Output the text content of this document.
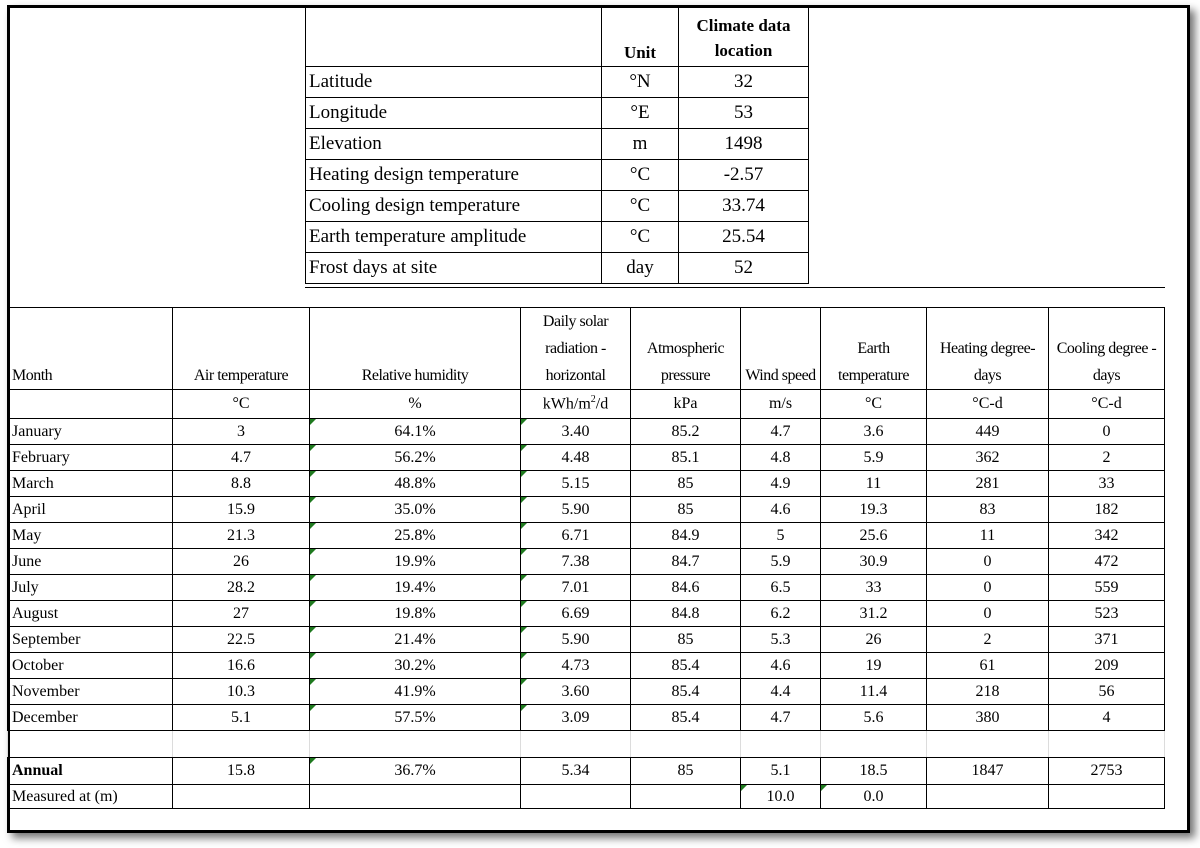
	Unit	Climate data location
Latitude	°N	32
Longitude	°E	53
Elevation	m	1498
Heating design temperature	°C	-2.57
Cooling design temperature	°C	33.74
Earth temperature amplitude	°C	25.54
Frost days at site	day	52
Month	Air temperature	Relative humidity	Daily solar radiation - horizontal	Atmospheric pressure	Wind speed	Earth temperature	Heating degree-days	Cooling degree - days
	°C	%	kWh/$m^2/d$	kPa	m/s	°C	°C-d	°C-d
January	3	64.1%	3.40	85.2	4.7	3.6	449	0
February	4.7	56.2%	4.48	85.1	4.8	5.9	362	2
March	8.8	48.8%	5.15	85	4.9	11	281	33
April	15.9	35.0%	5.90	85	4.6	19.3	83	182
May	21.3	25.8%	6.71	84.9	5	25.6	11	342
June	26	19.9%	7.38	84.7	5.9	30.9	0	472
July	28.2	19.4%	7.01	84.6	6.5	33	0	559
August	27	19.8%	6.69	84.8	6.2	31.2	0	523
September	22.5	21.4%	5.90	85	5.3	26	2	371
October	16.6	30.2%	4.73	85.4	4.6	19	61	209
November	10.3	41.9%	3.60	85.4	4.4	11.4	218	56
December	5.1	57.5%	3.09	85.4	4.7	5.6	380	4

Annual	15.8	36.7%	5.34	85	5.1	18.5	1847	2753
Measured at (m)					10.0	0.0		
